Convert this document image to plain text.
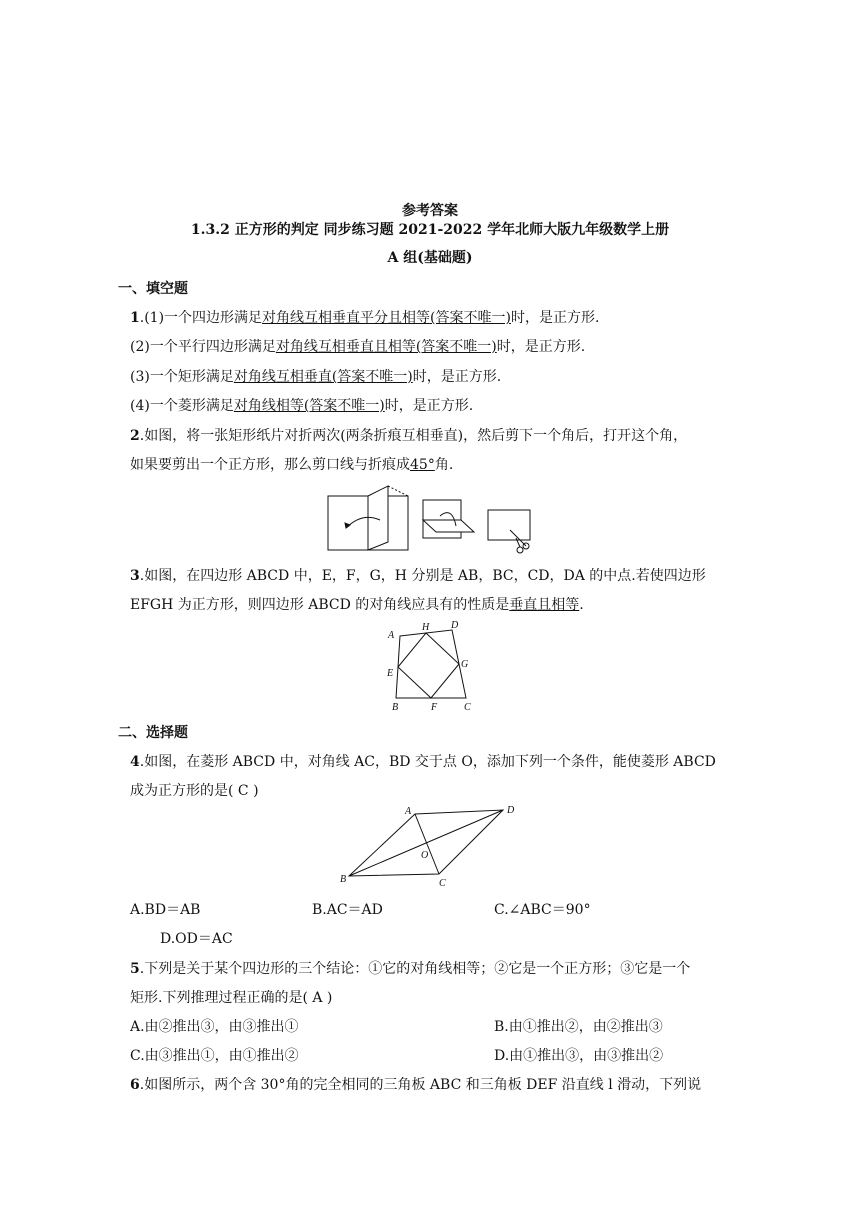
参考答案
1.3.2 正方形的判定 同步练习题 2021-2022 学年北师大版九年级数学上册
A 组(基础题)
一、填空题
1.(1)一个四边形满足对角线互相垂直平分且相等(答案不唯一)时，是正方形.
(2)一个平行四边形满足对角线互相垂直且相等(答案不唯一)时，是正方形.
(3)一个矩形满足对角线互相垂直(答案不唯一)时，是正方形.
(4)一个菱形满足对角线相等(答案不唯一)时，是正方形.
2.如图，将一张矩形纸片对折两次(两条折痕互相垂直)，然后剪下一个角后，打开这个角，
如果要剪出一个正方形，那么剪口线与折痕成45°角.
3.如图，在四边形 ABCD 中，E，F，G，H 分别是 AB，BC，CD，DA 的中点.若使四边形
EFGH 为正方形，则四边形 ABCD 的对角线应具有的性质是垂直且相等.
A
H D
E
G
B	F	C
二、选择题
4.如图，在菱形 ABCD 中，对角线 AC，BD 交于点 O，添加下列一个条件，能使菱形 ABCD
成为正方形的是( C )
A	D
O
B	C
A.BD＝AB	B.AC＝AD	C.∠ABC＝90°
D.OD＝AC
5.下列是关于某个四边形的三个结论：①它的对角线相等；②它是一个正方形；③它是一个
矩形.下列推理过程正确的是( A )
A.由②推出③，由③推出①	B.由①推出②，由②推出③
C.由③推出①，由①推出②	D.由①推出③，由③推出②
6.如图所示，两个含 30°角的完全相同的三角板 ABC 和三角板 DEF 沿直线 l 滑动，下列说
